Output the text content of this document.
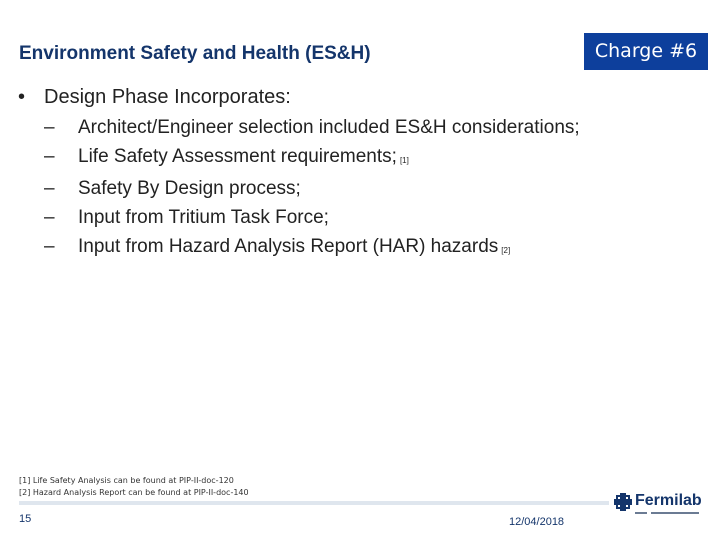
Environment Safety and Health (ES&H)	Charge #6
• Design Phase Incorporates:
– Architect/Engineer selection included ES&H considerations;
– Life Safety Assessment requirements; [1]
– Safety By Design process;
– Input from Tritium Task Force;
– Input from Hazard Analysis Report (HAR) hazards [2]
[1] Life Safety Analysis can be found at PIP-II-doc-120
[2] Hazard Analysis Report can be found at PIP-II-doc-140
15	12/04/2018
Fermilab
